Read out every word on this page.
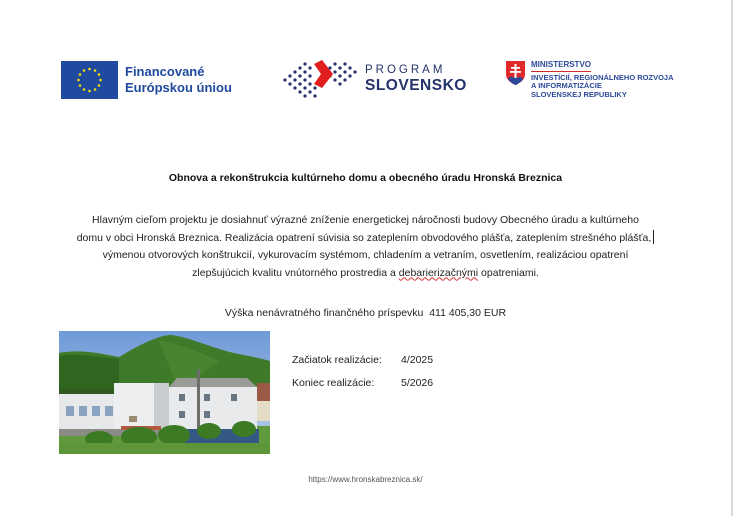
Financované
Európskou úniou
PROGRAM
SLOVENSKO
MINISTERSTVO
INVESTÍCIÍ, REGIONÁLNEHO ROZVOJA
A INFORMATIZÁCIE
SLOVENSKEJ REPUBLIKY
Obnova a rekonštrukcia kultúrneho domu a obecného úradu Hronská Breznica
Hlavným cieľom projektu je dosiahnuť výrazné zníženie energetickej náročnosti budovy Obecného úradu a kultúrneho
domu v obci Hronská Breznica. Realizácia opatrení súvisia so zateplením obvodového plášťa, zateplením strešného plášťa,
výmenou otvorových konštrukcií, vykurovacím systémom, chladením a vetraním, osvetlením, realizáciou opatrení
zlepšujúcich kvalitu vnútorného prostredia a debarierizačnými opatreniami.
Výška nenávratného finančného príspevku 411 405,30 EUR
Začiatok realizácie:	4/2025
Koniec realizácie:	5/2026
https://www.hronskabreznica.sk/
